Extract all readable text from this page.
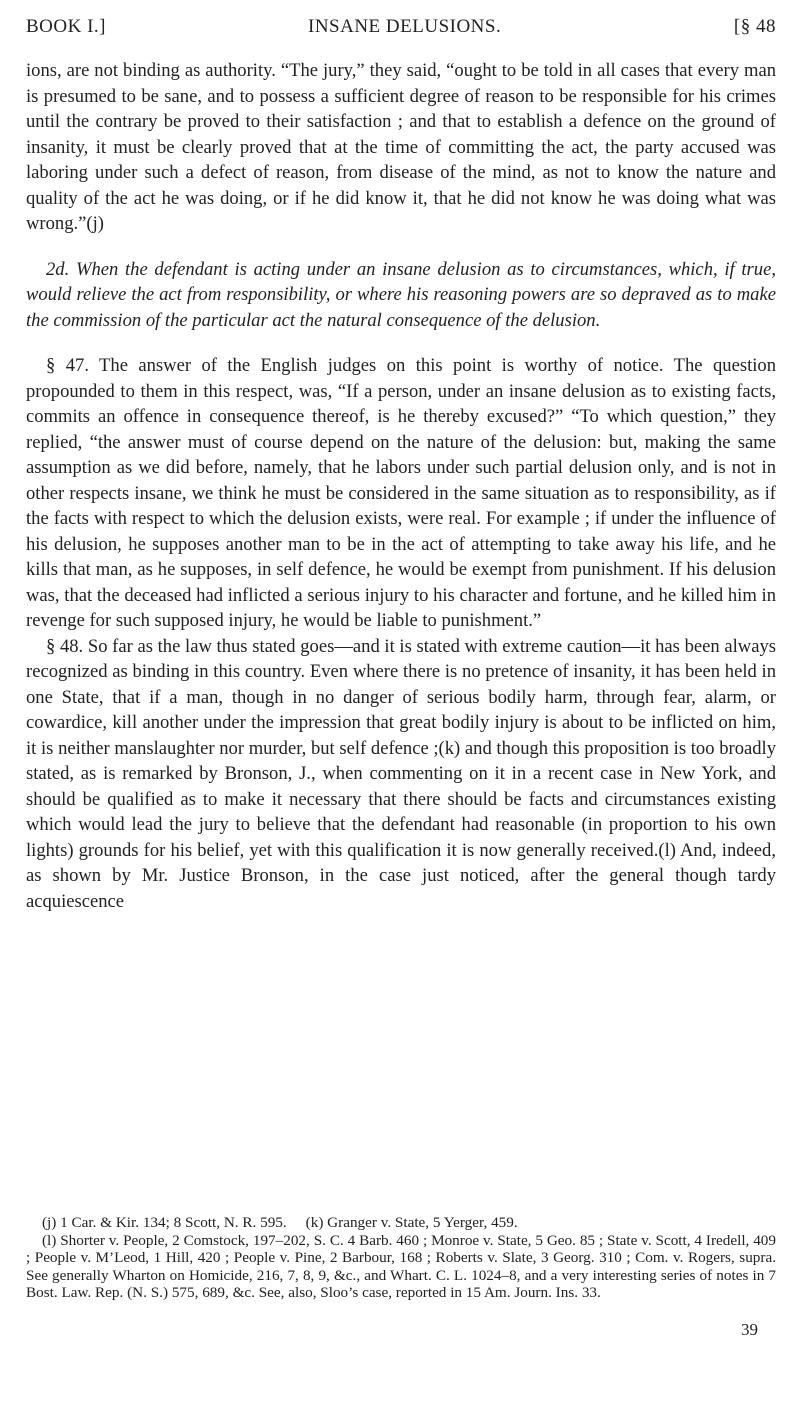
BOOK I.]	INSANE DELUSIONS.	[§ 48

ions, are not binding as authority. “The jury,” they said, “ought to be told in all cases that every man is presumed to be sane, and to possess a sufficient degree of reason to be responsible for his crimes until the contrary be proved to their satisfaction ; and that to establish a defence on the ground of insanity, it must be clearly proved that at the time of committing the act, the party accused was laboring under such a defect of reason, from disease of the mind, as not to know the nature and quality of the act he was doing, or if he did know it, that he did not know he was doing what was wrong.”(j)

2d. When the defendant is acting under an insane delusion as to circumstances, which, if true, would relieve the act from responsibility, or where his reasoning powers are so depraved as to make the commission of the particular act the natural consequence of the delusion.

§ 47. The answer of the English judges on this point is worthy of notice. The question propounded to them in this respect, was, “If a person, under an insane delusion as to existing facts, commits an offence in consequence thereof, is he thereby excused?” “To which question,” they replied, “the answer must of course depend on the nature of the delusion: but, making the same assumption as we did before, namely, that he labors under such partial delusion only, and is not in other respects insane, we think he must be considered in the same situation as to responsibility, as if the facts with respect to which the delusion exists, were real. For example ; if under the influence of his delusion, he supposes another man to be in the act of attempting to take away his life, and he kills that man, as he supposes, in self defence, he would be exempt from punishment. If his delusion was, that the deceased had inflicted a serious injury to his character and fortune, and he killed him in revenge for such supposed injury, he would be liable to punishment.”

§ 48. So far as the law thus stated goes—and it is stated with extreme caution—it has been always recognized as binding in this country. Even where there is no pretence of insanity, it has been held in one State, that if a man, though in no danger of serious bodily harm, through fear, alarm, or cowardice, kill another under the impression that great bodily injury is about to be inflicted on him, it is neither manslaughter nor murder, but self defence ;(k) and though this proposition is too broadly stated, as is remarked by Bronson, J., when commenting on it in a recent case in New York, and should be qualified as to make it necessary that there should be facts and circumstances existing which would lead the jury to believe that the defendant had reasonable (in proportion to his own lights) grounds for his belief, yet with this qualification it is now generally received.(l) And, indeed, as shown by Mr. Justice Bronson, in the case just noticed, after the general though tardy acquiescence

(j) 1 Car. & Kir. 134; 8 Scott, N. R. 595. (k) Granger v. State, 5 Yerger, 459.

(l) Shorter v. People, 2 Comstock, 197–202, S. C. 4 Barb. 460 ; Monroe v. State, 5 Geo. 85 ; State v. Scott, 4 Iredell, 409 ; People v. M’Leod, 1 Hill, 420 ; People v. Pine, 2 Barbour, 168 ; Roberts v. Slate, 3 Georg. 310 ; Com. v. Rogers, supra. See generally Wharton on Homicide, 216, 7, 8, 9, &c., and Whart. C. L. 1024–8, and a very interesting series of notes in 7 Bost. Law. Rep. (N. S.) 575, 689, &c. See, also, Sloo’s case, reported in 15 Am. Journ. Ins. 33.

39
